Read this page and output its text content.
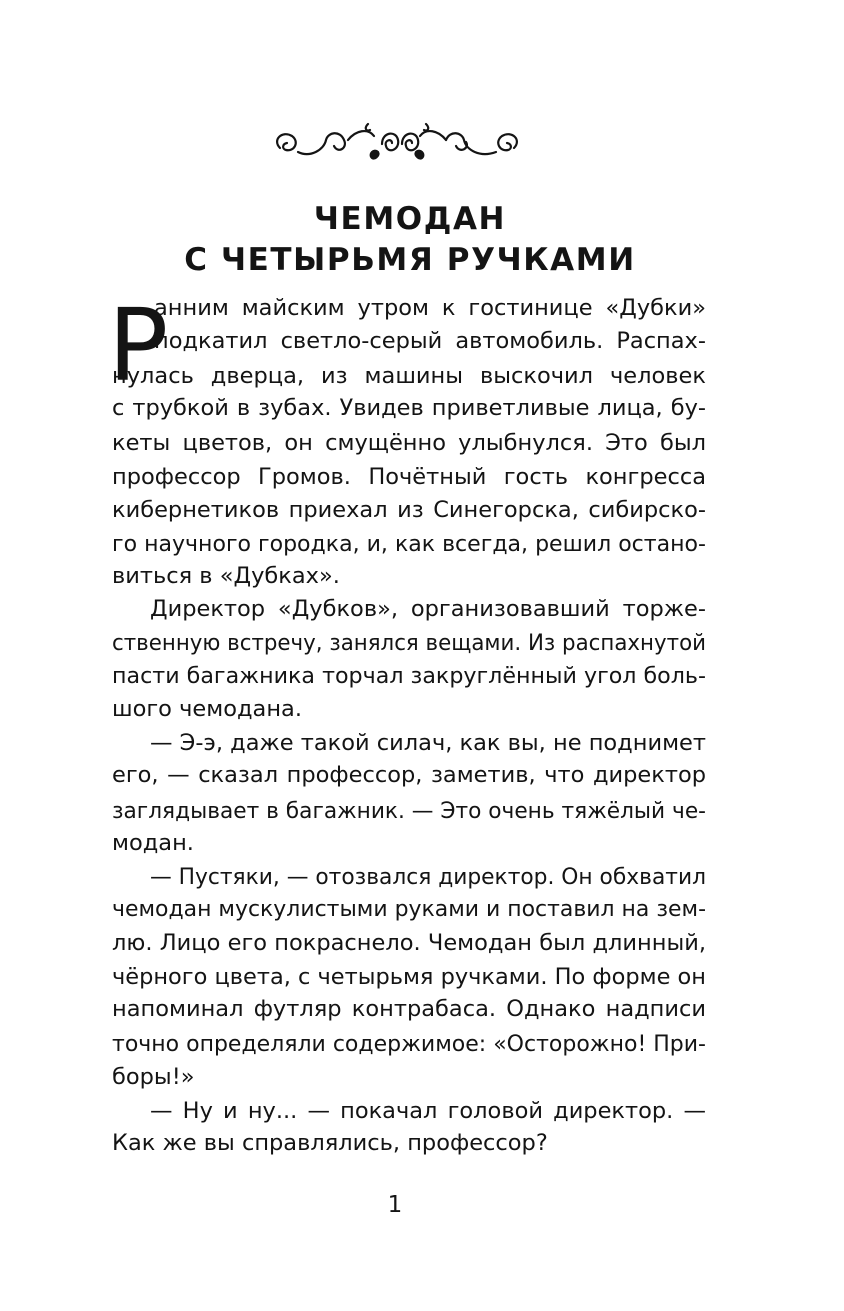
ЧЕМОДАН
С ЧЕТЫРЬМЯ РУЧКАМИ
Р
анним майским утром к гостинице «Дубки»
подкатил светло-серый автомобиль. Распах-
нулась дверца, из машины выскочил человек
с трубкой в зубах. Увидев приветливые лица, бу-
кеты цветов, он смущённо улыбнулся. Это был
профессор Громов. Почётный гость конгресса
кибернетиков приехал из Синегорска, сибирско-
го научного городка, и, как всегда, решил остано-
виться в «Дубках».
Директор «Дубков», организовавший торже-
ственную встречу, занялся вещами. Из распахнутой
пасти багажника торчал закруглённый угол боль-
шого чемодана.
— Э-э, даже такой силач, как вы, не поднимет
его, — сказал профессор, заметив, что директор
заглядывает в багажник. — Это очень тяжёлый че-
модан.
— Пустяки, — отозвался директор. Он обхватил
чемодан мускулистыми руками и поставил на зем-
лю. Лицо его покраснело. Чемодан был длинный,
чёрного цвета, с четырьмя ручками. По форме он
напоминал футляр контрабаса. Однако надписи
точно определяли содержимое: «Осторожно! При-
боры!»
— Ну и ну... — покачал головой директор. —
Как же вы справлялись, профессор?
1
